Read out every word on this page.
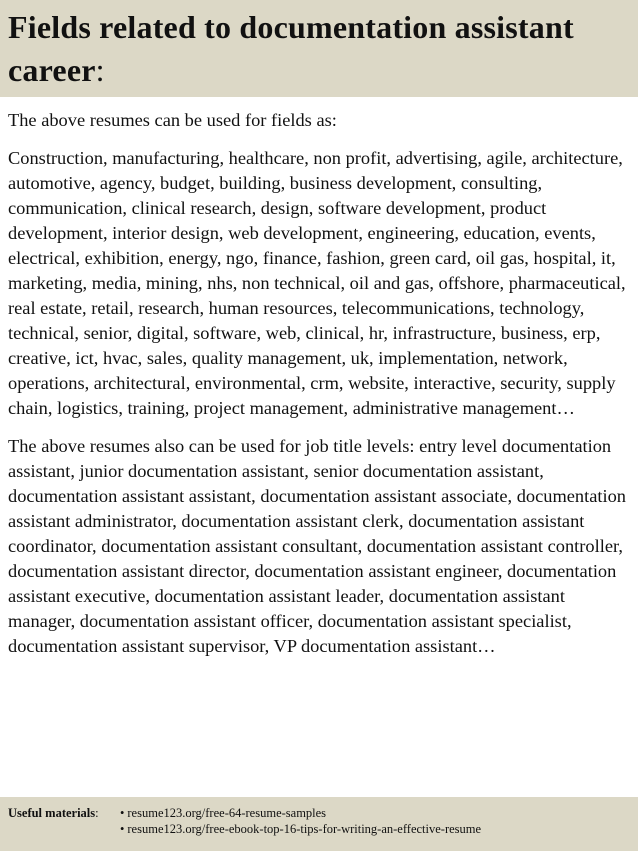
Fields related to documentation assistant career:

The above resumes can be used for fields as:

Construction, manufacturing, healthcare, non profit, advertising, agile, architecture, automotive, agency, budget, building, business development, consulting, communication, clinical research, design, software development, product development, interior design, web development, engineering, education, events, electrical, exhibition, energy, ngo, finance, fashion, green card, oil gas, hospital, it, marketing, media, mining, nhs, non technical, oil and gas, offshore, pharmaceutical, real estate, retail, research, human resources, telecommunications, technology, technical, senior, digital, software, web, clinical, hr, infrastructure, business, erp, creative, ict, hvac, sales, quality management, uk, implementation, network, operations, architectural, environmental, crm, website, interactive, security, supply chain, logistics, training, project management, administrative management…

The above resumes also can be used for job title levels: entry level documentation assistant, junior documentation assistant, senior documentation assistant, documentation assistant assistant, documentation assistant associate, documentation assistant administrator, documentation assistant clerk, documentation assistant coordinator, documentation assistant consultant, documentation assistant controller, documentation assistant director, documentation assistant engineer, documentation assistant executive, documentation assistant leader, documentation assistant manager, documentation assistant officer, documentation assistant specialist, documentation assistant supervisor, VP documentation assistant…

Useful materials:	• resume123.org/free-64-resume-samples
• resume123.org/free-ebook-top-16-tips-for-writing-an-effective-resume
